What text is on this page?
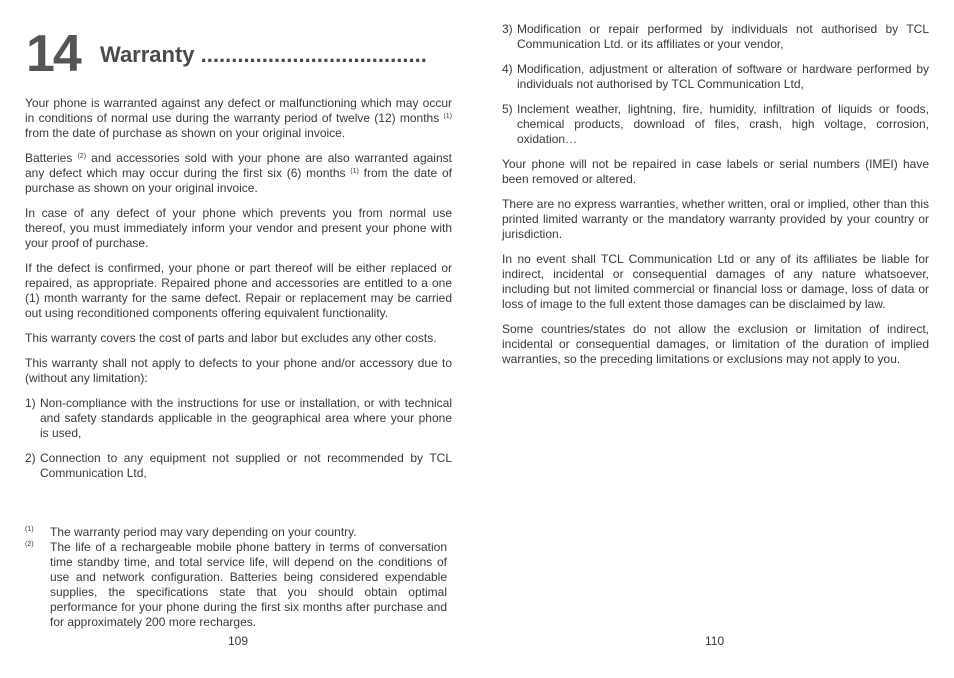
14 Warranty .....................................

Your phone is warranted against any defect or malfunctioning which may occur in conditions of normal use during the warranty period of twelve (12) months $^{(1)}$ from the date of purchase as shown on your original invoice.

Batteries $^{(2)}$ and accessories sold with your phone are also warranted against any defect which may occur during the first six (6) months $^{(1)}$ from the date of purchase as shown on your original invoice.

In case of any defect of your phone which prevents you from normal use thereof, you must immediately inform your vendor and present your phone with your proof of purchase.

If the defect is confirmed, your phone or part thereof will be either replaced or repaired, as appropriate. Repaired phone and accessories are entitled to a one (1) month warranty for the same defect. Repair or replacement may be carried out using reconditioned components offering equivalent functionality.

This warranty covers the cost of parts and labor but excludes any other costs.

This warranty shall not apply to defects to your phone and/or accessory due to (without any limitation):

1) Non-compliance with the instructions for use or installation, or with technical and safety standards applicable in the geographical area where your phone is used,
2) Connection to any equipment not supplied or not recommended by TCL Communication Ltd,
(1) The warranty period may vary depending on your country.
(2) The life of a rechargeable mobile phone battery in terms of conversation time standby time, and total service life, will depend on the conditions of use and network configuration. Batteries being considered expendable supplies, the specifications state that you should obtain optimal performance for your phone during the first six months after purchase and for approximately 200 more recharges.
109
3) Modification or repair performed by individuals not authorised by TCL Communication Ltd. or its affiliates or your vendor,
4) Modification, adjustment or alteration of software or hardware performed by individuals not authorised by TCL Communication Ltd,
5) Inclement weather, lightning, fire, humidity, infiltration of liquids or foods, chemical products, download of files, crash, high voltage, corrosion, oxidation…

Your phone will not be repaired in case labels or serial numbers (IMEI) have been removed or altered.

There are no express warranties, whether written, oral or implied, other than this printed limited warranty or the mandatory warranty provided by your country or jurisdiction.

In no event shall TCL Communication Ltd or any of its affiliates be liable for indirect, incidental or consequential damages of any nature whatsoever, including but not limited commercial or financial loss or damage, loss of data or loss of image to the full extent those damages can be disclaimed by law.

Some countries/states do not allow the exclusion or limitation of indirect, incidental or consequential damages, or limitation of the duration of implied warranties, so the preceding limitations or exclusions may not apply to you.

110
